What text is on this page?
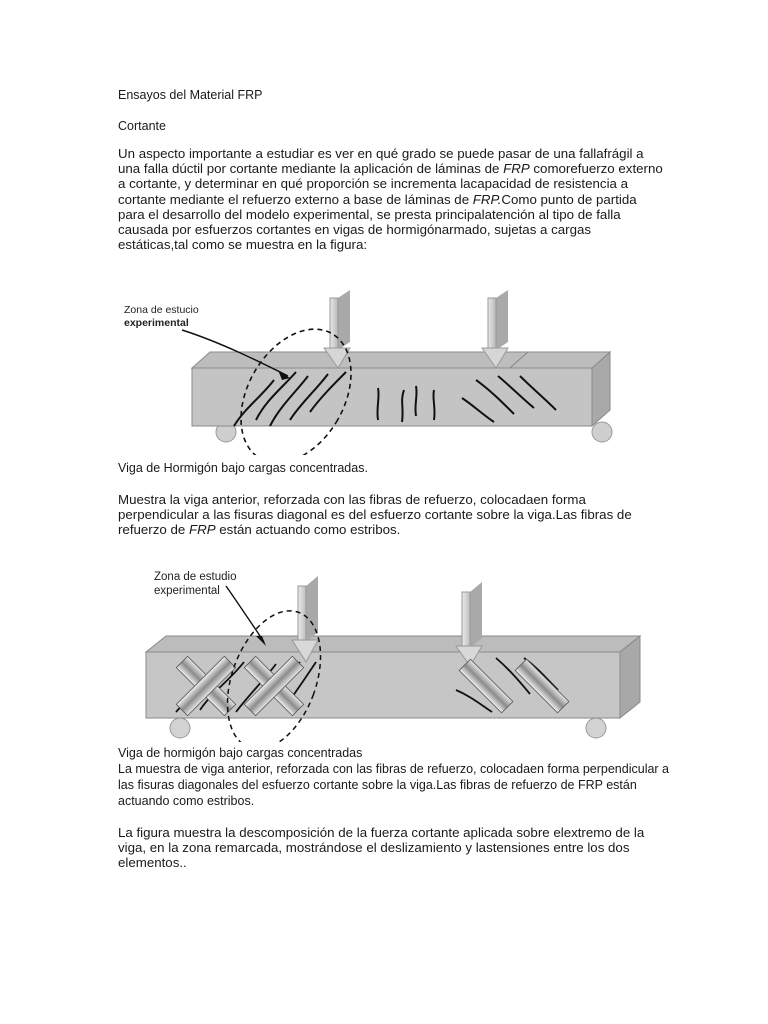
Ensayos del Material FRP
Cortante
Un aspecto importante a estudiar es ver en qué grado se puede pasar de una fallafrágil a
una falla dúctil por cortante mediante la aplicación de láminas de FRP comorefuerzo externo
a cortante, y determinar en qué proporción se incrementa lacapacidad de resistencia a
cortante mediante el refuerzo externo a base de láminas de FRP.Como punto de partida
para el desarrollo del modelo experimental, se presta principalatención al tipo de falla
causada por esfuerzos cortantes en vigas de hormigónarmado, sujetas a cargas
estáticas,tal como se muestra en la figura:
Zona de estucio
experimental
Viga de Hormigón bajo cargas concentradas.
Muestra la viga anterior, reforzada con las fibras de refuerzo, colocadaen forma
perpendicular a las fisuras diagonal es del esfuerzo cortante sobre la viga.Las fibras de
refuerzo de FRP están actuando como estribos.
Zona de estudio
experimental
Viga de hormigón bajo cargas concentradas
La muestra de viga anterior, reforzada con las fibras de refuerzo, colocadaen forma perpendicular a
las fisuras diagonales del esfuerzo cortante sobre la viga.Las fibras de refuerzo de FRP están
actuando como estribos.
La figura muestra la descomposición de la fuerza cortante aplicada sobre elextremo de la
viga, en la zona remarcada, mostrándose el deslizamiento y lastensiones entre los dos
elementos..
